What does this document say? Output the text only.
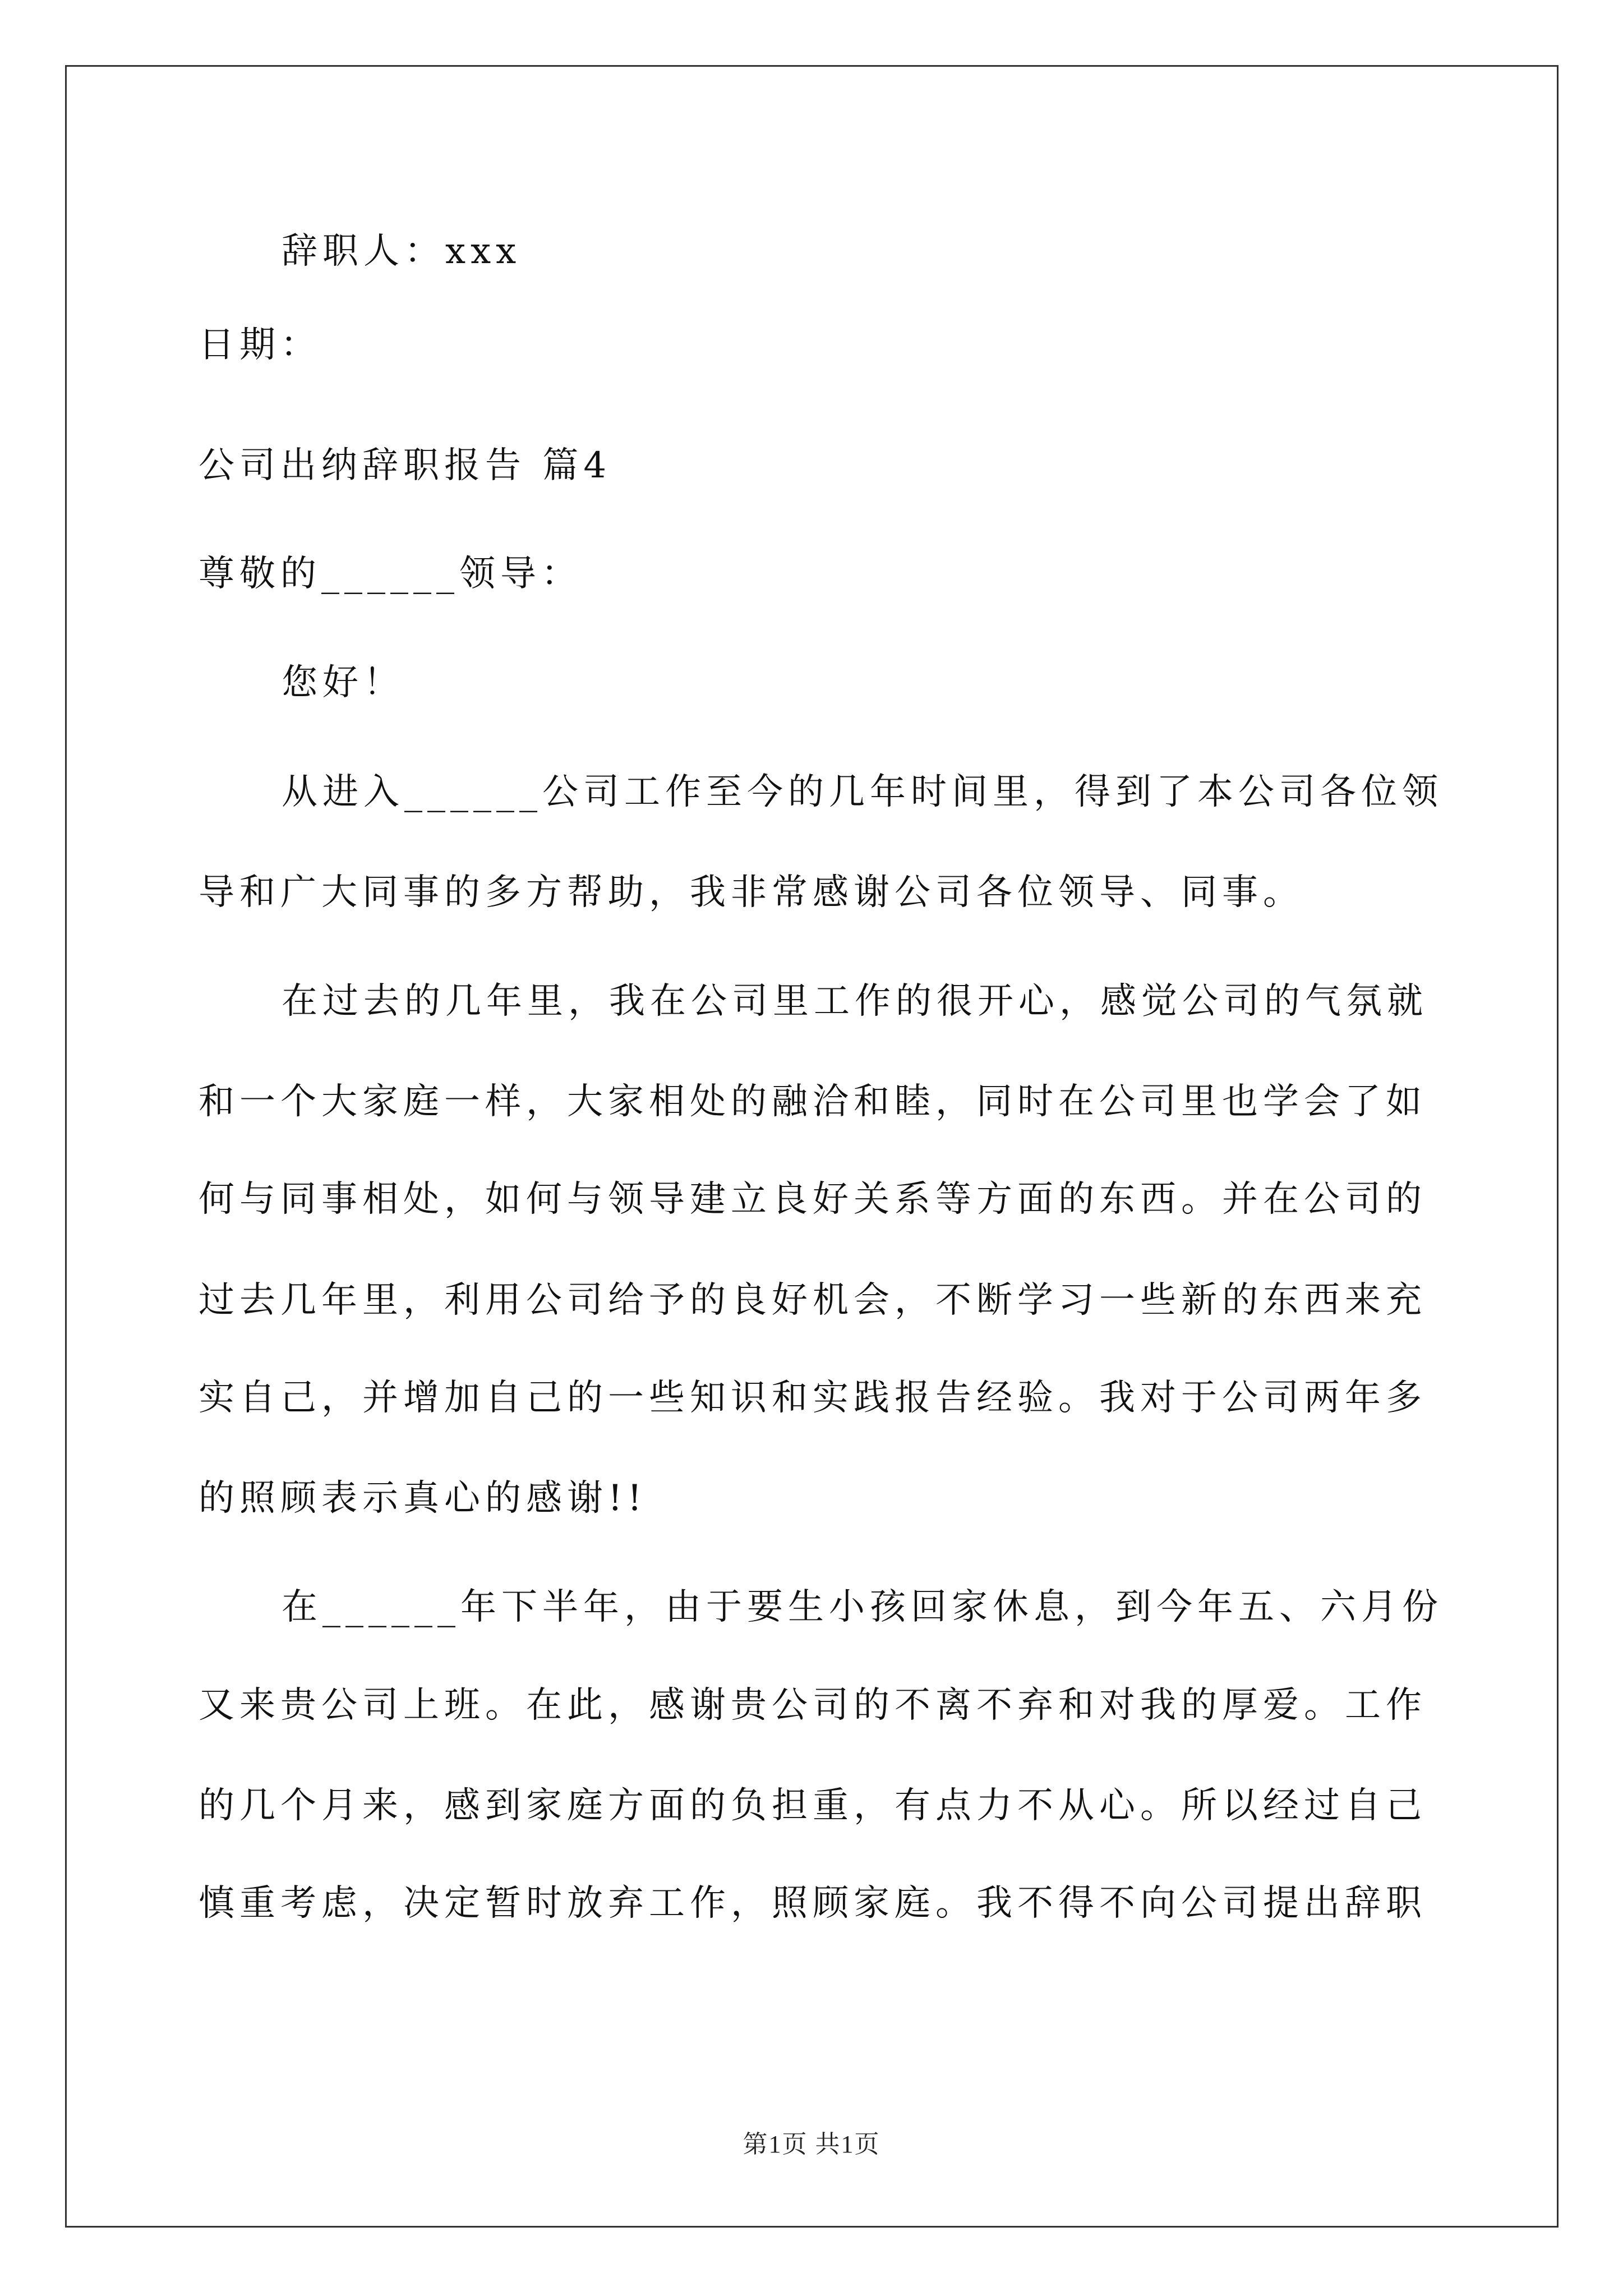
辞职人：xxx
日期：
公司出纳辞职报告 篇4
尊敬的______领导：
您好！
从进入______公司工作至今的几年时间里，得到了本公司各位领
导和广大同事的多方帮助，我非常感谢公司各位领导、同事。
在过去的几年里，我在公司里工作的很开心，感觉公司的气氛就
和一个大家庭一样，大家相处的融洽和睦，同时在公司里也学会了如
何与同事相处，如何与领导建立良好关系等方面的东西。并在公司的
过去几年里，利用公司给予的良好机会，不断学习一些新的东西来充
实自己，并增加自己的一些知识和实践报告经验。我对于公司两年多
的照顾表示真心的感谢!!
在______年下半年，由于要生小孩回家休息，到今年五、六月份
又来贵公司上班。在此，感谢贵公司的不离不弃和对我的厚爱。工作
的几个月来，感到家庭方面的负担重，有点力不从心。所以经过自己
慎重考虑，决定暂时放弃工作，照顾家庭。我不得不向公司提出辞职
第1页 共1页
